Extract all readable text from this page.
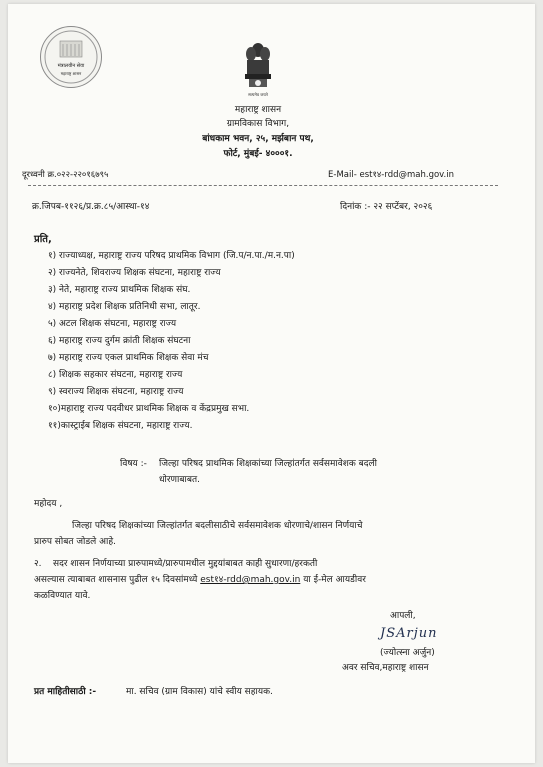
मंत्रालयीन सेवा
महाराष्ट्र शासन
सत्यमेव जयते
महाराष्ट्र शासन
ग्रामविकास विभाग,
बांधकाम भवन, २५, मर्झबान पथ,
फोर्ट, मुंबई- ४०००१.
दूरध्वनी क्र.०२२-२२०१६७९५	E-Mail- est१४-rdd@mah.gov.in
क्र.जिपब-११२६/प्र.क्र.८५/आस्था-१४	दिनांक :- २२ सप्टेंबर, २०२६
प्रति,
१) राज्याध्यक्ष, महाराष्ट्र राज्य परिषद प्राथमिक विभाग (जि.प/न.पा./म.न.पा)
२) राज्यनेते, शिवराज्य शिक्षक संघटना, महाराष्ट्र राज्य
३) नेते, महाराष्ट्र राज्य प्राथमिक शिक्षक संघ.
४) महाराष्ट्र प्रदेश शिक्षक प्रतिनिधी सभा, लातूर.
५) अटल शिक्षक संघटना, महाराष्ट्र राज्य
६) महाराष्ट्र राज्य दुर्गम क्रांती शिक्षक संघटना
७) महाराष्ट्र राज्य एकल प्राथमिक शिक्षक सेवा मंच
८) शिक्षक सहकार संघटना, महाराष्ट्र राज्य
९) स्वराज्य शिक्षक संघटना, महाराष्ट्र राज्य
१०)महाराष्ट्र राज्य पदवीधर प्राथमिक शिक्षक व केंद्रप्रमुख सभा.
११)कास्ट्राईब शिक्षक संघटना, महाराष्ट्र राज्य.
विषय :- जिल्हा परिषद प्राथमिक शिक्षकांच्या जिल्हांतर्गत सर्वसमावेशक बदली
धोरणाबाबत.
महोदय ,
जिल्हा परिषद शिक्षकांच्या जिल्हांतर्गत बदलीसाठीचे सर्वसमावेशक धोरणाचे/शासन निर्णयाचे
प्रारुप सोबत जोडले आहे.
२.    सदर शासन निर्णयाच्या प्रारुपामध्ये/प्रारुपामधील मुद्दयांबाबत काही सुधारणा/हरकती
असल्यास त्याबाबत शासनास पुढील १५ दिवसांमध्ये est१४-rdd@mah.gov.in या ई-मेल आयडीवर
कळविण्यात यावे.
आपली,
JSArjun
(ज्योत्स्ना अर्जुन)
अवर सचिव,महाराष्ट्र शासन
प्रत माहितीसाठी :-	मा. सचिव (ग्राम विकास) यांचे स्वीय सहायक.
